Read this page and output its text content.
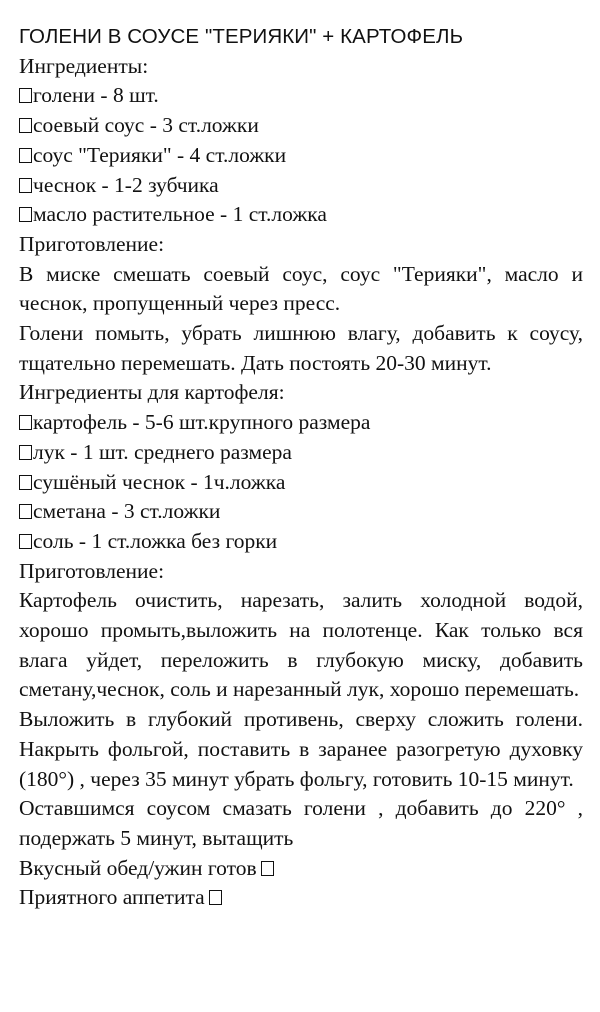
ГОЛЕНИ В СОУСЕ "ТЕРИЯКИ" + КАРТОФЕЛЬ
Ингредиенты:
голени - 8 шт.
соевый соус - 3 ст.ложки
соус "Терияки" - 4 ст.ложки
чеснок - 1-2 зубчика
масло растительное - 1 ст.ложка
Приготовление:
В миске смешать соевый соус, соус "Терияки", масло и чеснок, пропущенный через пресс.
Голени помыть, убрать лишнюю влагу, добавить к соусу, тщательно перемешать. Дать постоять 20-30 минут.
Ингредиенты для картофеля:
картофель - 5-6 шт.крупного размера
лук - 1 шт. среднего размера
сушёный чеснок - 1ч.ложка
сметана - 3 ст.ложки
соль - 1 ст.ложка без горки
Приготовление:
Картофель очистить, нарезать, залить холодной водой, хорошо промыть,выложить на полотенце. Как только вся влага уйдет, переложить в глубокую миску, добавить сметану,чеснок, соль и нарезанный лук, хорошо перемешать.
Выложить в глубокий противень, сверху сложить голени. Накрыть фольгой, поставить в заранее разогретую духовку (180°) , через 35 минут убрать фольгу, готовить 10-15 минут.
Оставшимся соусом смазать голени , добавить до 220° , подержать 5 минут, вытащить
Вкусный обед/ужин готов
Приятного аппетита
